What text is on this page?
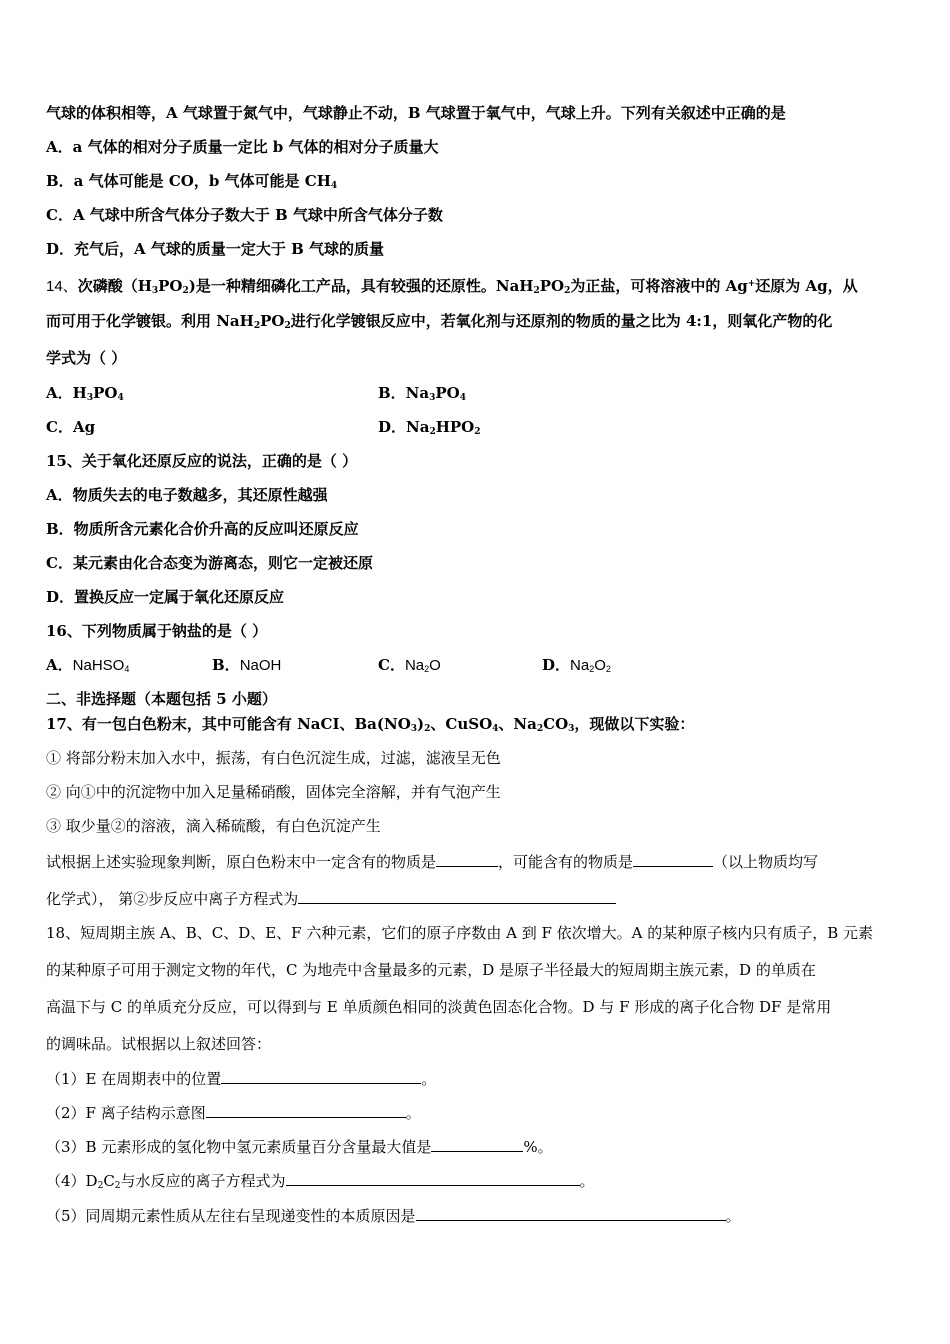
气球的体积相等，A 气球置于氮气中，气球静止不动，B 气球置于氧气中，气球上升。下列有关叙述中正确的是
A．a 气体的相对分子质量一定比 b 气体的相对分子质量大
B．a 气体可能是 CO，b 气体可能是 $CH_4$
C．A 气球中所含气体分子数大于 B 气球中所含气体分子数
D．充气后，A 气球的质量一定大于 B 气球的质量
14、次磷酸$(H_3PO_2)$是一种精细磷化工产品，具有较强的还原性。$NaH_2PO_2$为正盐，可将溶液中的 Ag+还原为 Ag，从
而可用于化学镀银。利用 $NaH_2PO_2$进行化学镀银反应中，若氧化剂与还原剂的物质的量之比为 4:1，则氧化产物的化
学式为（ ）
A．$H_3PO_4$	B．$Na_3PO_4$
C．Ag	D．$Na_2HPO_2$
15、关于氧化还原反应的说法，正确的是（ ）
A．物质失去的电子数越多，其还原性越强
B．物质所含元素化合价升高的反应叫还原反应
C．某元素由化合态变为游离态，则它一定被还原
D．置换反应一定属于氧化还原反应
16、下列物质属于钠盐的是（ ）
A．NaHSO$_4$	B．NaOH	C．$Na_2O$	D．$Na_2O_2$
二、非选择题（本题包括 5 小题）
17、有一包白色粉末，其中可能含有 NaCI、$Ba(NO_3)_2$、CuSO$_4$、$Na_2CO_3$，现做以下实验：
① 将部分粉末加入水中，振荡，有白色沉淀生成，过滤，滤液呈无色
② 向①中的沉淀物中加入足量稀硝酸，固体完全溶解，并有气泡产生
③ 取少量②的溶液，滴入稀硫酸，有白色沉淀产生
试根据上述实验现象判断，原白色粉末中一定含有的物质是	，可能含有的物质是	（以上物质均写
化学式）， 第②步反应中离子方程式为
18、短周期主族 A、B、C、D、E、F 六种元素，它们的原子序数由 A 到 F 依次增大。A 的某种原子核内只有质子，B 元素
的某种原子可用于测定文物的年代，C 为地壳中含量最多的元素，D 是原子半径最大的短周期主族元素，D 的单质在
高温下与 C 的单质充分反应，可以得到与 E 单质颜色相同的淡黄色固态化合物。D 与 F 形成的离子化合物 DF 是常用
的调味品。试根据以上叙述回答：
（1）E 在周期表中的位置	。
（2）F 离子结构示意图	。
（3）B 元素形成的氢化物中氢元素质量百分含量最大值是	%。
$(4)D_2C_2$与水反应的离子方程式为	。
（5）同周期元素性质从左往右呈现递变性的本质原因是	。
